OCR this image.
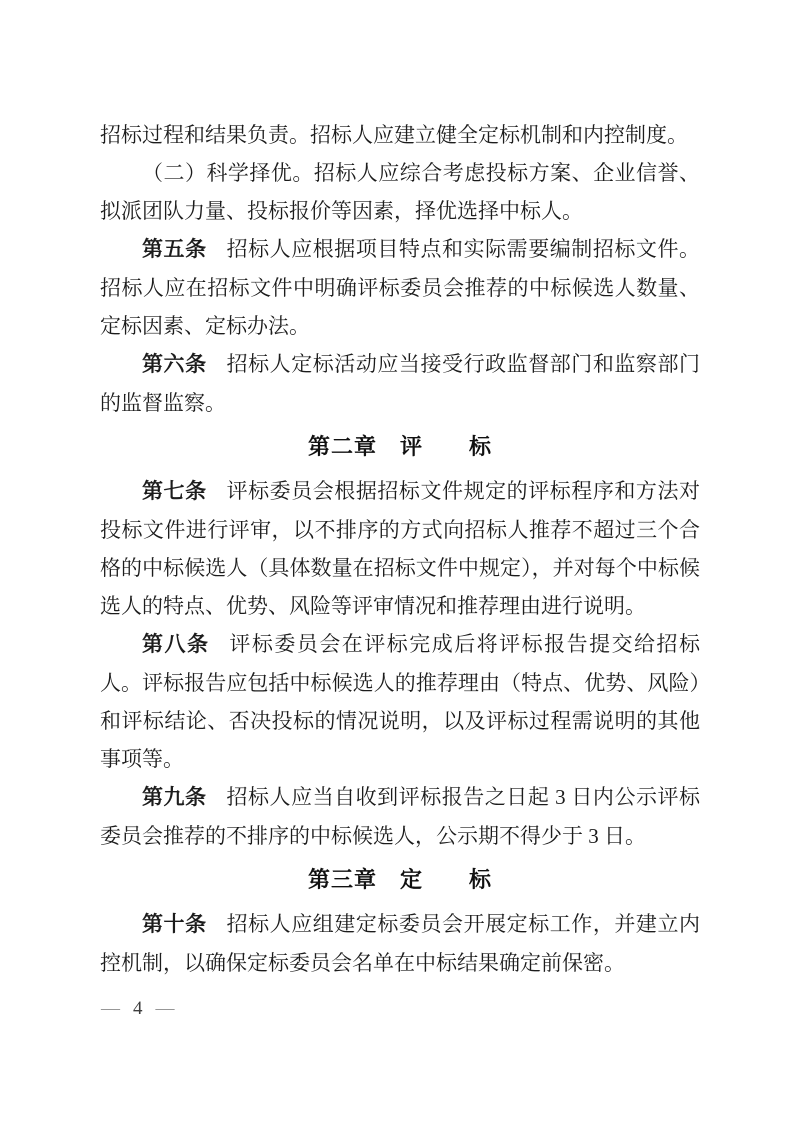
招标过程和结果负责。招标人应建立健全定标机制和内控制度。

（二）科学择优。招标人应综合考虑投标方案、企业信誉、拟派团队力量、投标报价等因素，择优选择中标人。

第五条 招标人应根据项目特点和实际需要编制招标文件。招标人应在招标文件中明确评标委员会推荐的中标候选人数量、定标因素、定标办法。

第六条 招标人定标活动应当接受行政监督部门和监察部门的监督监察。

第二章　评　　标

第七条 评标委员会根据招标文件规定的评标程序和方法对投标文件进行评审，以不排序的方式向招标人推荐不超过三个合格的中标候选人（具体数量在招标文件中规定），并对每个中标候选人的特点、优势、风险等评审情况和推荐理由进行说明。

第八条 评标委员会在评标完成后将评标报告提交给招标人。评标报告应包括中标候选人的推荐理由（特点、优势、风险）和评标结论、否决投标的情况说明，以及评标过程需说明的其他事项等。

第九条 招标人应当自收到评标报告之日起 3 日内公示评标委员会推荐的不排序的中标候选人，公示期不得少于 3 日。

第三章　定　　标

第十条 招标人应组建定标委员会开展定标工作，并建立内控机制，以确保定标委员会名单在中标结果确定前保密。

— 4 —
